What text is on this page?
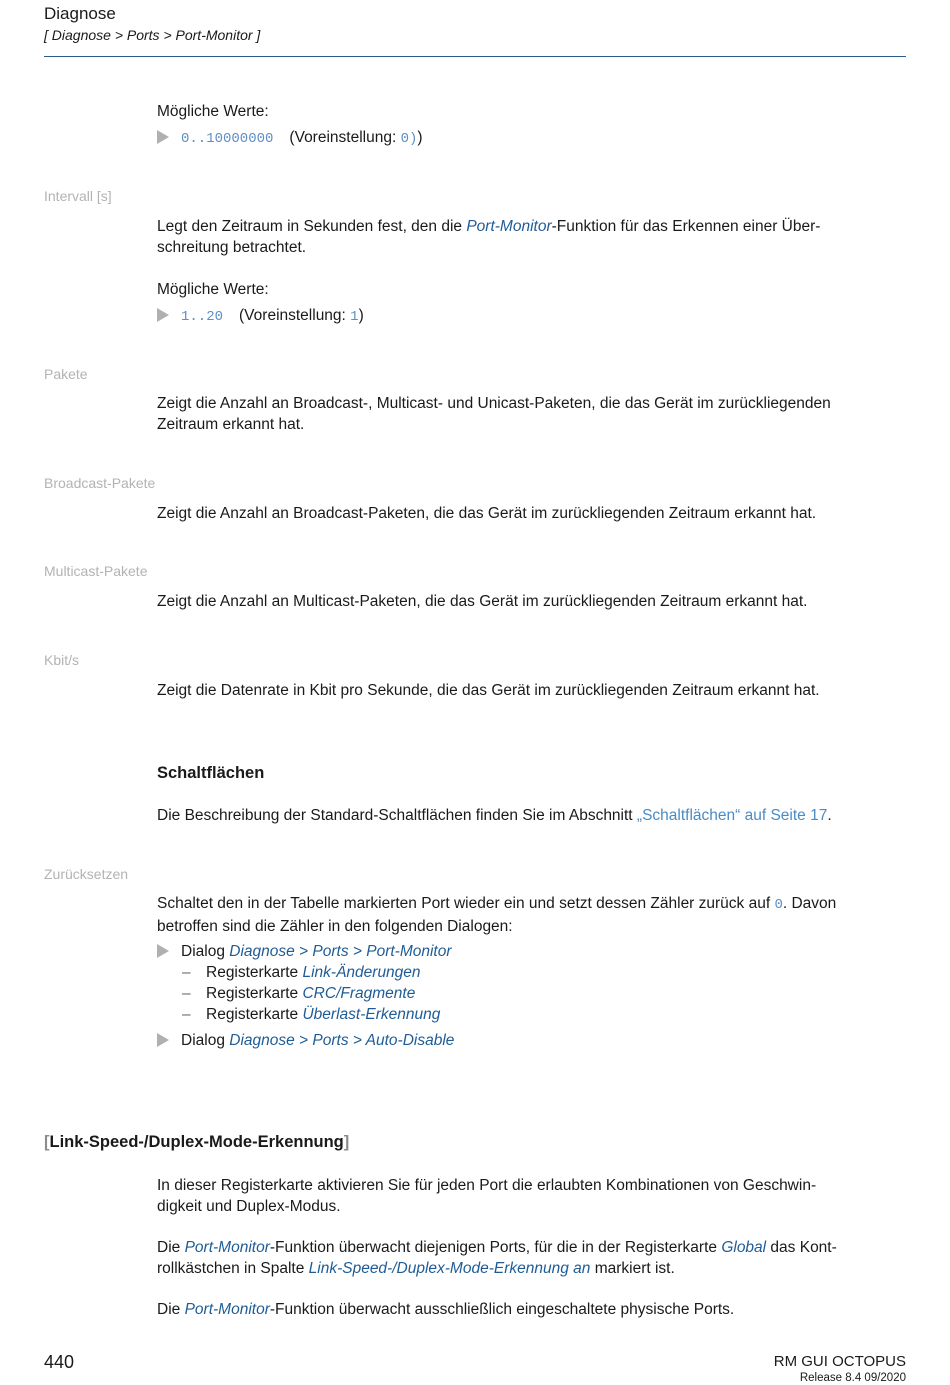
Diagnose
[ Diagnose > Ports > Port-Monitor ]
Mögliche Werte:
0..10000000 (Voreinstellung: 0))
Intervall [s]
Legt den Zeitraum in Sekunden fest, den die Port-Monitor-Funktion für das Erkennen einer Über-
schreitung betrachtet.
Mögliche Werte:
1..20 (Voreinstellung: 1)
Pakete
Zeigt die Anzahl an Broadcast-, Multicast- und Unicast-Paketen, die das Gerät im zurückliegenden
Zeitraum erkannt hat.
Broadcast-Pakete
Zeigt die Anzahl an Broadcast-Paketen, die das Gerät im zurückliegenden Zeitraum erkannt hat.
Multicast-Pakete
Zeigt die Anzahl an Multicast-Paketen, die das Gerät im zurückliegenden Zeitraum erkannt hat.
Kbit/s
Zeigt die Datenrate in Kbit pro Sekunde, die das Gerät im zurückliegenden Zeitraum erkannt hat.
Schaltflächen
Die Beschreibung der Standard-Schaltflächen finden Sie im Abschnitt „Schaltflächen“ auf Seite 17.
Zurücksetzen
Schaltet den in der Tabelle markierten Port wieder ein und setzt dessen Zähler zurück auf 0. Davon
betroffen sind die Zähler in den folgenden Dialogen:
Dialog Diagnose > Ports > Port-Monitor
– Registerkarte Link-Änderungen
– Registerkarte CRC/Fragmente
– Registerkarte Überlast-Erkennung
Dialog Diagnose > Ports > Auto-Disable
[Link-Speed-/Duplex-Mode-Erkennung]
In dieser Registerkarte aktivieren Sie für jeden Port die erlaubten Kombinationen von Geschwin-
digkeit und Duplex-Modus.
Die Port-Monitor-Funktion überwacht diejenigen Ports, für die in der Registerkarte Global das Kont-
rollkästchen in Spalte Link-Speed-/Duplex-Mode-Erkennung an markiert ist.
Die Port-Monitor-Funktion überwacht ausschließlich eingeschaltete physische Ports.
440	RM GUI OCTOPUS
Release 8.4 09/2020
